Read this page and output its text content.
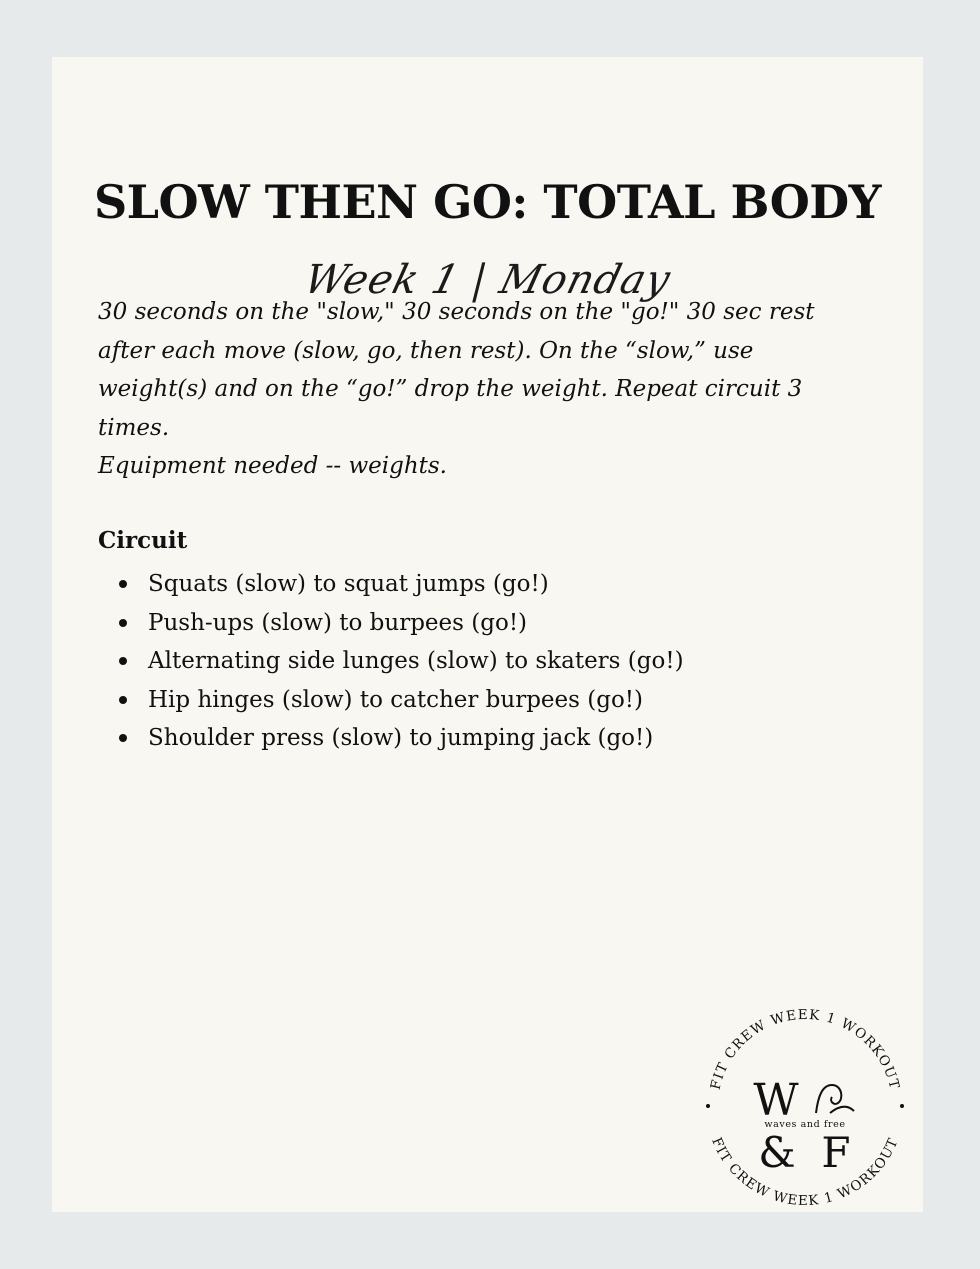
SLOW THEN GO: TOTAL BODY
Week 1 | Monday

30 seconds on the "slow," 30 seconds on the "go!" 30 sec rest after each move (slow, go, then rest). On the “slow,” use weight(s) and on the “go!” drop the weight. Repeat circuit 3 times.

Equipment needed -- weights.

Circuit
Squats (slow) to squat jumps (go!)
Push-ups (slow) to burpees (go!)
Alternating side lunges (slow) to skaters (go!)
Hip hinges (slow) to catcher burpees (go!)
Shoulder press (slow) to jumping jack (go!)
FIT CREW WEEK 1 WORKOUT
FIT CREW WEEK 1 WORKOUT
W
waves and free
& F
